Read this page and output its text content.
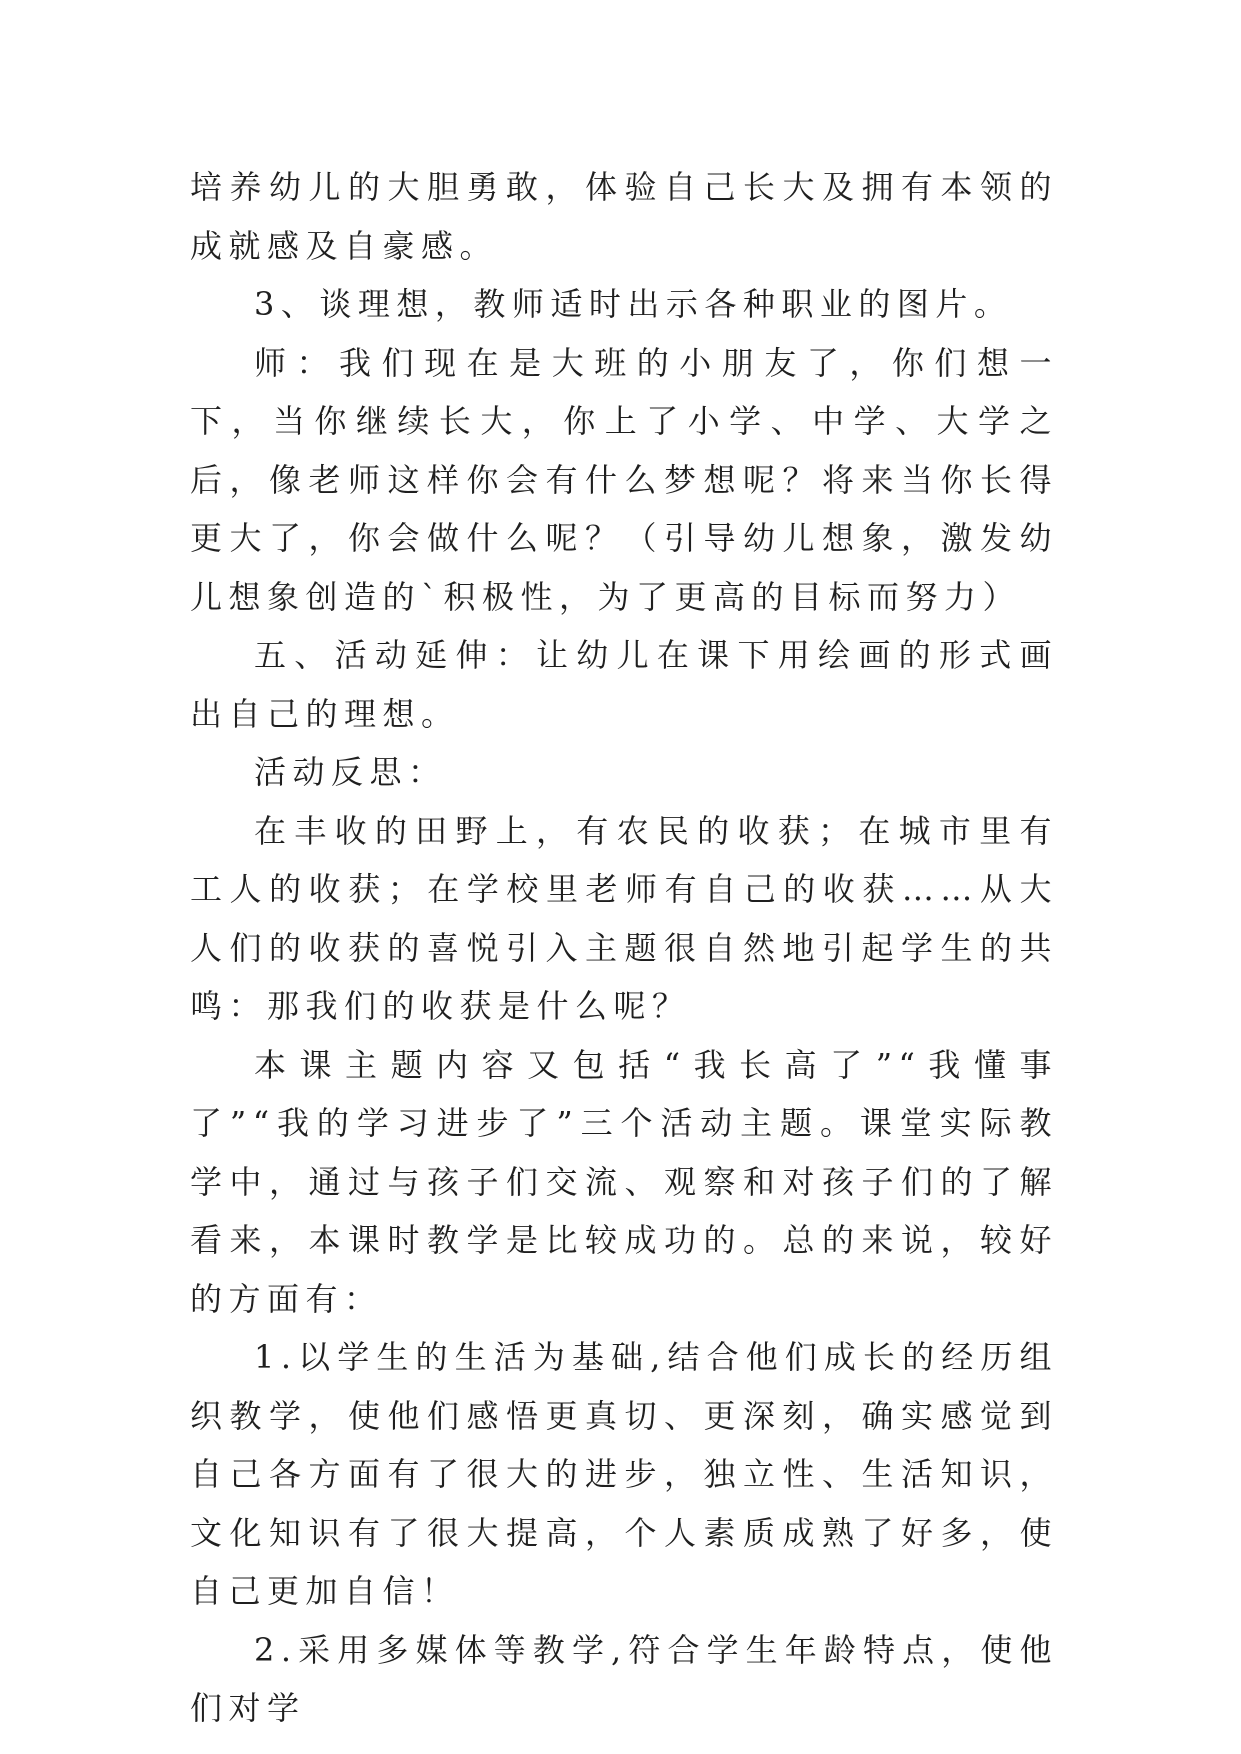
培养幼儿的大胆勇敢，体验自己长大及拥有本领的成就感及自豪感。

3、谈理想，教师适时出示各种职业的图片。

师：我们现在是大班的小朋友了，你们想一下，当你继续长大，你上了小学、中学、大学之后，像老师这样你会有什么梦想呢？将来当你长得更大了，你会做什么呢？（引导幼儿想象，激发幼儿想象创造的`积极性，为了更高的目标而努力）

五、活动延伸：让幼儿在课下用绘画的形式画出自己的理想。

活动反思：

在丰收的田野上，有农民的收获；在城市里有工人的收获；在学校里老师有自己的收获……从大人们的收获的喜悦引入主题很自然地引起学生的共鸣：那我们的收获是什么呢？

本课主题内容又包括“我长高了”“我懂事了”“我的学习进步了”三个活动主题。课堂实际教学中，通过与孩子们交流、观察和对孩子们的了解看来，本课时教学是比较成功的。总的来说，较好的方面有：

1.以学生的生活为基础,结合他们成长的经历组织教学，使他们感悟更真切、更深刻，确实感觉到自己各方面有了很大的进步，独立性、生活知识，文化知识有了很大提高，个人素质成熟了好多，使自己更加自信！

2.采用多媒体等教学,符合学生年龄特点，使他们对学
